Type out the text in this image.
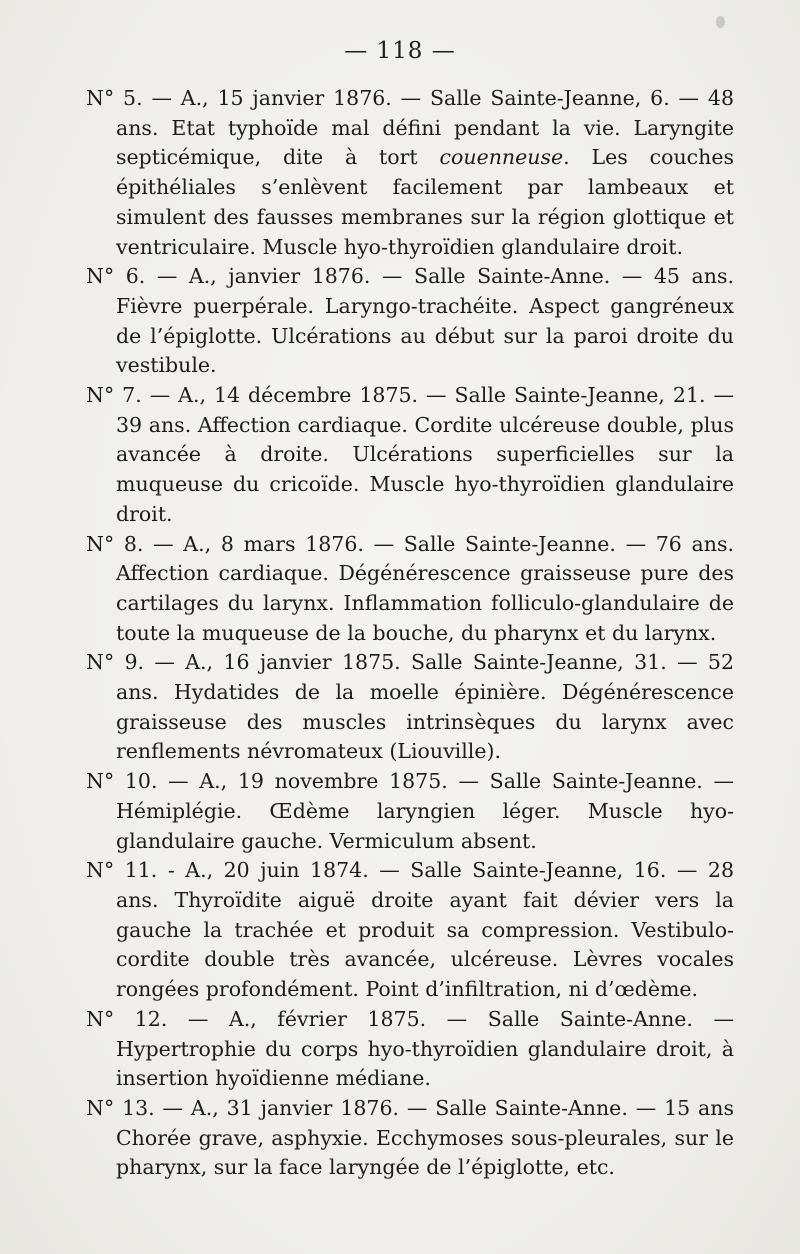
— 118 —

N° 5. — A., 15 janvier 1876. — Salle Sainte-Jeanne, 6. — 48 ans. Etat typhoïde mal défini pendant la vie. Laryngite septicémique, dite à tort couenneuse. Les couches épithéliales s’enlèvent facilement par lambeaux et simulent des fausses membranes sur la région glottique et ventriculaire. Muscle hyo-thyroïdien glandulaire droit.

N° 6. — A., janvier 1876. — Salle Sainte-Anne. — 45 ans. Fièvre puerpérale. Laryngo-trachéite. Aspect gangréneux de l’épiglotte. Ulcérations au début sur la paroi droite du vestibule.

N° 7. — A., 14 décembre 1875. — Salle Sainte-Jeanne, 21. — 39 ans. Affection cardiaque. Cordite ulcéreuse double, plus avancée à droite. Ulcérations superficielles sur la muqueuse du cricoïde. Muscle hyo-thyroïdien glandulaire droit.

N° 8. — A., 8 mars 1876. — Salle Sainte-Jeanne. — 76 ans. Affection cardiaque. Dégénérescence graisseuse pure des cartilages du larynx. Inflammation folliculo-glandulaire de toute la muqueuse de la bouche, du pharynx et du larynx.

N° 9. — A., 16 janvier 1875. Salle Sainte-Jeanne, 31. — 52 ans. Hydatides de la moelle épinière. Dégénérescence graisseuse des muscles intrinsèques du larynx avec renflements névromateux (Liouville).

N° 10. — A., 19 novembre 1875. — Salle Sainte-Jeanne. — Hémiplégie. Œdème laryngien léger. Muscle hyo-glandulaire gauche. Vermiculum absent.

N° 11. - A., 20 juin 1874. — Salle Sainte-Jeanne, 16. — 28 ans. Thyroïdite aiguë droite ayant fait dévier vers la gauche la trachée et produit sa compression. Vestibulo-cordite double très avancée, ulcéreuse. Lèvres vocales rongées profondément. Point d’infiltration, ni d’œdème.

N° 12. — A., février 1875. — Salle Sainte-Anne. — Hypertrophie du corps hyo-thyroïdien glandulaire droit, à insertion hyoïdienne médiane.

N° 13. — A., 31 janvier 1876. — Salle Sainte-Anne. — 15 ans Chorée grave, asphyxie. Ecchymoses sous-pleurales, sur le pharynx, sur la face laryngée de l’épiglotte, etc.
